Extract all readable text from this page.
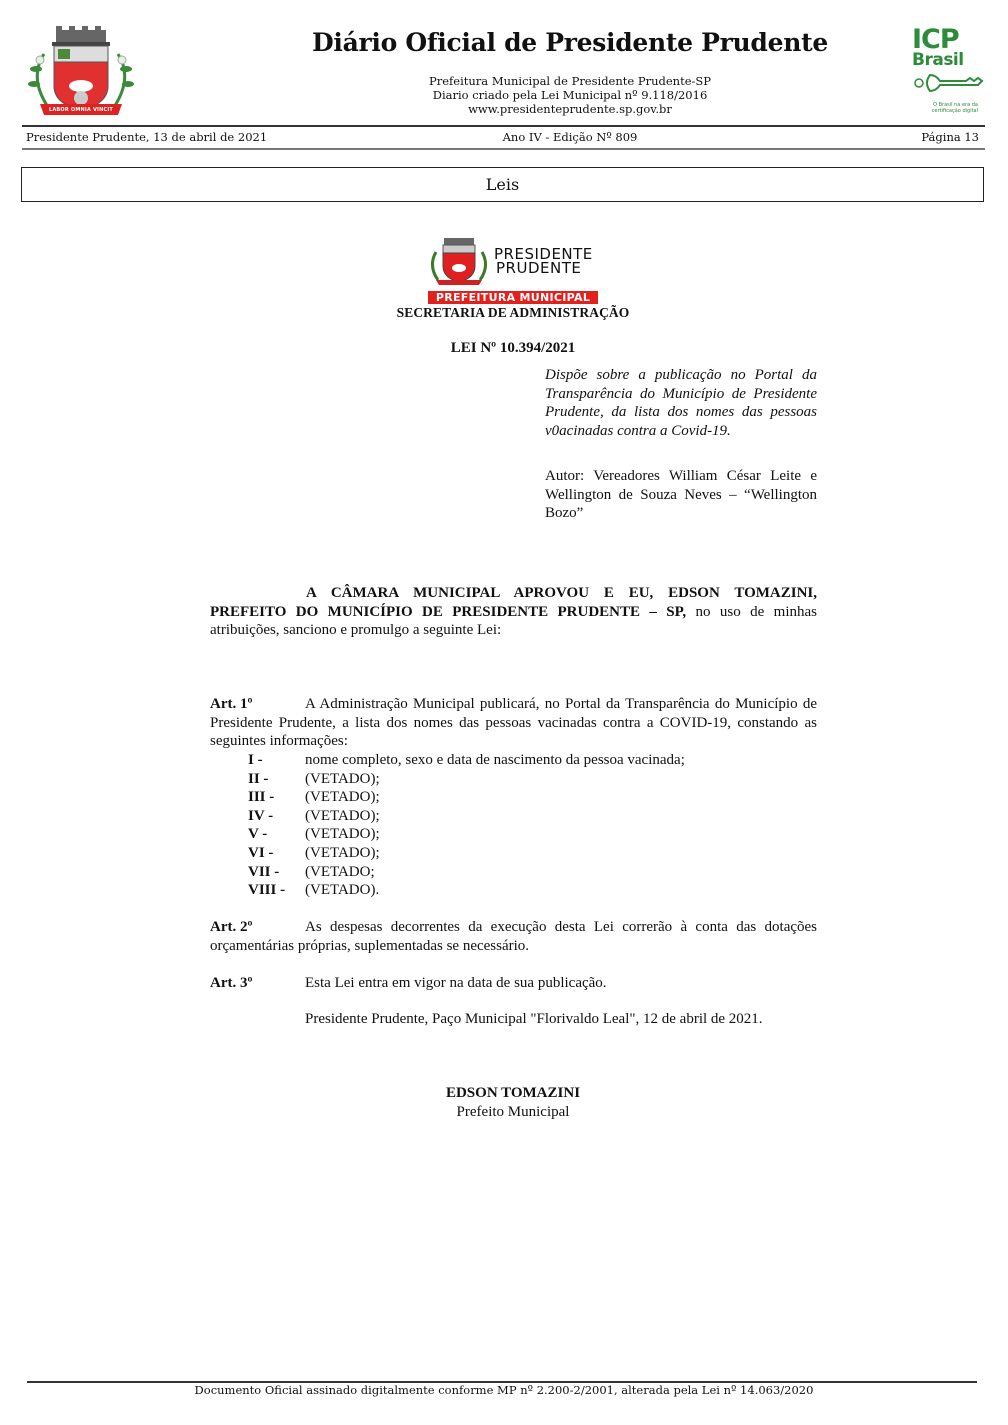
LABOR OMNIA VINCIT
Diário Oficial de Presidente Prudente
Prefeitura Municipal de Presidente Prudente-SP
Diario criado pela Lei Municipal nº 9.118/2016
www.presidenteprudente.sp.gov.br
ICP
Brasil
O Brasil na era da certificação digital
Presidente Prudente, 13 de abril de 2021	Ano IV - Edição Nº 809	Página 13
Leis
PRESIDENTE
PRUDENTE
PREFEITURA MUNICIPAL
SECRETARIA DE ADMINISTRAÇÃO
LEI Nº 10.394/2021
Dispõe sobre a publicação no Portal da Transparência do Município de Presidente Prudente, da lista dos nomes das pessoas v0acinadas contra a Covid-19.
Autor: Vereadores William César Leite e Wellington de Souza Neves – “Wellington Bozo”
A CÂMARA MUNICIPAL APROVOU E EU, EDSON TOMAZINI, PREFEITO DO MUNICÍPIO DE PRESIDENTE PRUDENTE – SP, no uso de minhas atribuições, sanciono e promulgo a seguinte Lei:
Art. 1º	A Administração Municipal publicará, no Portal da Transparência do Município de Presidente Prudente, a lista dos nomes das pessoas vacinadas contra a COVID-19, constando as seguintes informações:
I -	nome completo, sexo e data de nascimento da pessoa vacinada;
II -	(VETADO);
III -	(VETADO);
IV -	(VETADO);
V -	(VETADO);
VI -	(VETADO);
VII -	(VETADO;
VIII -	(VETADO).
Art. 2º	As despesas decorrentes da execução desta Lei correrão à conta das dotações orçamentárias próprias, suplementadas se necessário.
Art. 3º	Esta Lei entra em vigor na data de sua publicação.
Presidente Prudente, Paço Municipal "Florivaldo Leal", 12 de abril de 2021.
EDSON TOMAZINI
Prefeito Municipal
Documento Oficial assinado digitalmente conforme MP nº 2.200-2/2001, alterada pela Lei nº 14.063/2020
